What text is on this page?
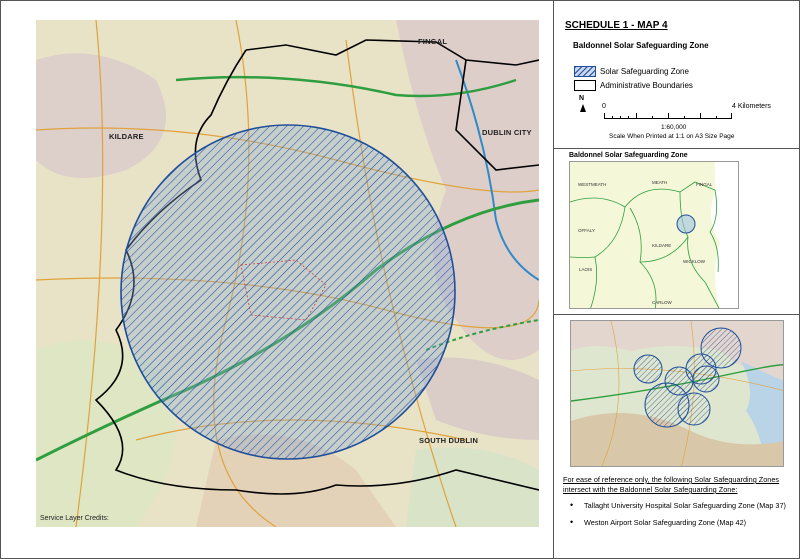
FINGAL
KILDARE	DUBLIN CITY
SOUTH DUBLIN
Service Layer Credits:
SCHEDULE 1 - MAP 4
Baldonnel Solar Safeguarding Zone
Solar Safeguarding Zone
Administrative Boundaries
N
0	4 Kilometers
1:60,000
Scale When Printed at 1:1 on A3 Size Page
Baldonnel Solar Safeguarding Zone
WESTMEATH	MEATH	FINGAL
OFFALY
KILDARE
LAOIS
WICKLOW
CARLOW
For ease of reference only, the following Solar Safeguarding Zones intersect with the Baldonnel Solar Safeguarding Zone:
• Tallaght University Hospital Solar Safeguarding Zone (Map 37)
• Weston Airport Solar Safeguarding Zone (Map 42)
